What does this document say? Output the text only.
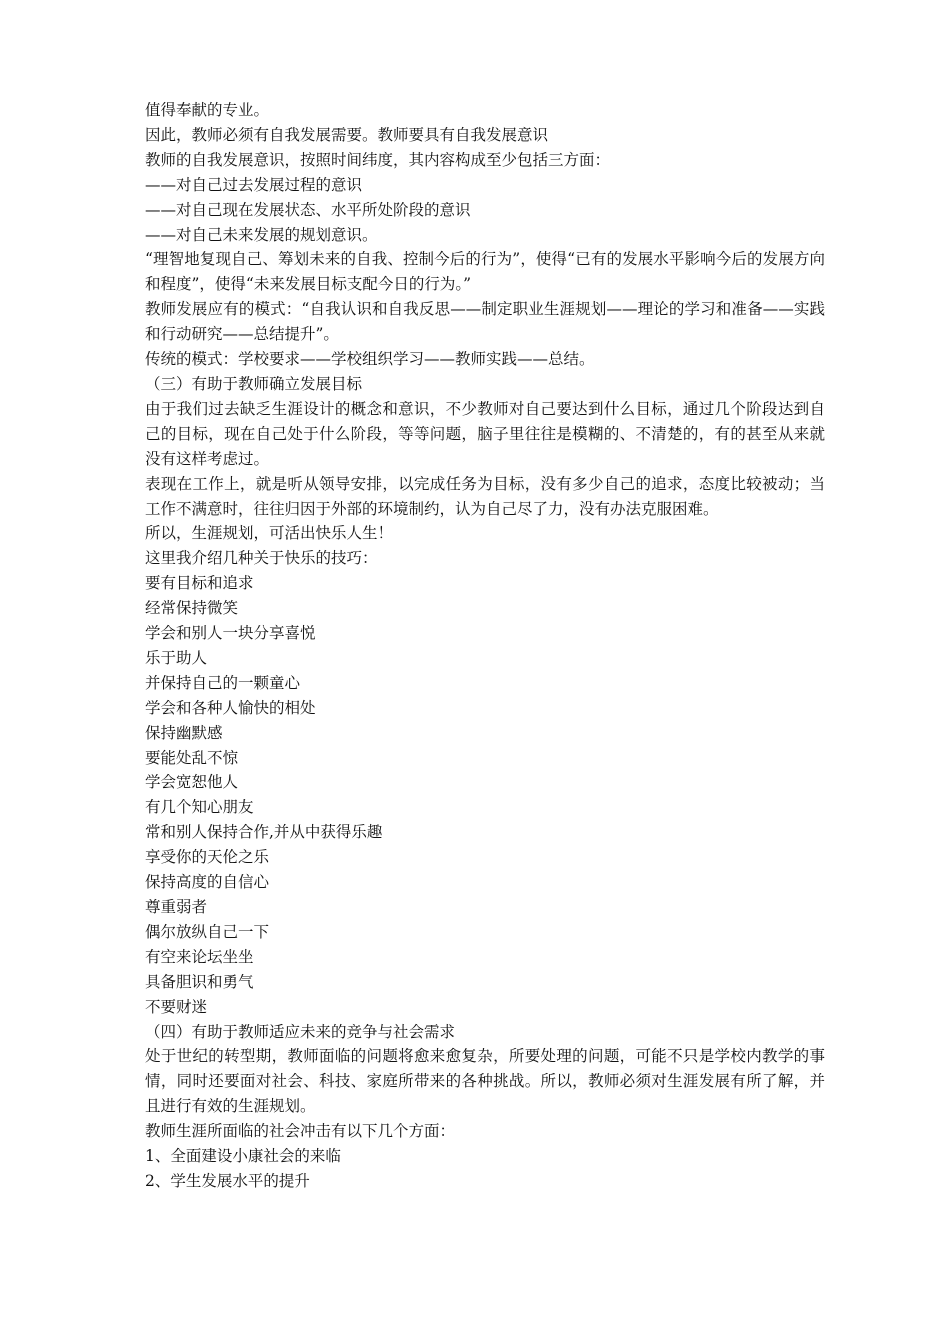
值得奉献的专业。

因此，教师必须有自我发展需要。教师要具有自我发展意识

教师的自我发展意识，按照时间纬度，其内容构成至少包括三方面：

——对自己过去发展过程的意识

——对自己现在发展状态、水平所处阶段的意识

——对自己未来发展的规划意识。

“理智地复现自己、筹划未来的自我、控制今后的行为”，使得“已有的发展水平影响今后的发展方向和程度”，使得“未来发展目标支配今日的行为。”

教师发展应有的模式：“自我认识和自我反思——制定职业生涯规划——理论的学习和准备——实践和行动研究——总结提升”。

传统的模式：学校要求——学校组织学习——教师实践——总结。

（三）有助于教师确立发展目标

由于我们过去缺乏生涯设计的概念和意识，不少教师对自己要达到什么目标，通过几个阶段达到自己的目标，现在自己处于什么阶段，等等问题，脑子里往往是模糊的、不清楚的，有的甚至从来就没有这样考虑过。

表现在工作上，就是听从领导安排，以完成任务为目标，没有多少自己的追求，态度比较被动；当工作不满意时，往往归因于外部的环境制约，认为自己尽了力，没有办法克服困难。

所以，生涯规划，可活出快乐人生！

这里我介绍几种关于快乐的技巧：

要有目标和追求

经常保持微笑

学会和别人一块分享喜悦

乐于助人

并保持自己的一颗童心

学会和各种人愉快的相处

保持幽默感

要能处乱不惊

学会宽恕他人

有几个知心朋友

常和别人保持合作,并从中获得乐趣

享受你的天伦之乐

保持高度的自信心

尊重弱者

偶尔放纵自己一下

有空来论坛坐坐

具备胆识和勇气

不要财迷

（四）有助于教师适应未来的竞争与社会需求

处于世纪的转型期，教师面临的问题将愈来愈复杂，所要处理的问题，可能不只是学校内教学的事情，同时还要面对社会、科技、家庭所带来的各种挑战。所以，教师必须对生涯发展有所了解，并且进行有效的生涯规划。

教师生涯所面临的社会冲击有以下几个方面：

1、全面建设小康社会的来临

2、学生发展水平的提升
